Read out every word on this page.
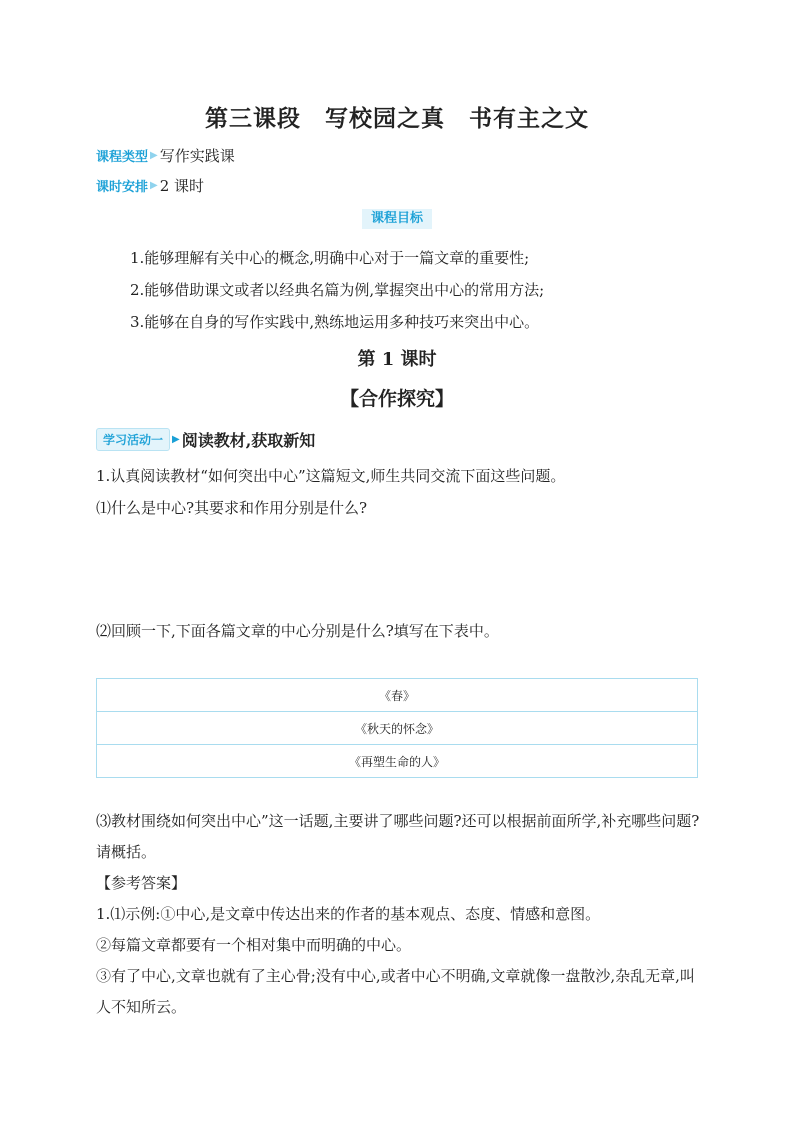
第三课段　写校园之真　书有主之文
课程类型 ▶ 写作实践课
课时安排 ▶ 2 课时
课程目标
1.能够理解有关中心的概念,明确中心对于一篇文章的重要性;
2.能够借助课文或者以经典名篇为例,掌握突出中心的常用方法;
3.能够在自身的写作实践中,熟练地运用多种技巧来突出中心。
第 1 课时
【合作探究】
学习活动一 ▶ 阅读教材,获取新知
1.认真阅读教材“如何突出中心”这篇短文,师生共同交流下面这些问题。
⑴什么是中心?其要求和作用分别是什么?
⑵回顾一下,下面各篇文章的中心分别是什么?填写在下表中。
《春》
《秋天的怀念》
《再塑生命的人》
⑶教材围绕如何突出中心”这一话题,主要讲了哪些问题?还可以根据前面所学,补充哪些问题?请概括。
【参考答案】
1.⑴示例:①中心,是文章中传达出来的作者的基本观点、态度、情感和意图。
②每篇文章都要有一个相对集中而明确的中心。
③有了中心,文章也就有了主心骨;没有中心,或者中心不明确,文章就像一盘散沙,杂乱无章,叫人不知所云。
